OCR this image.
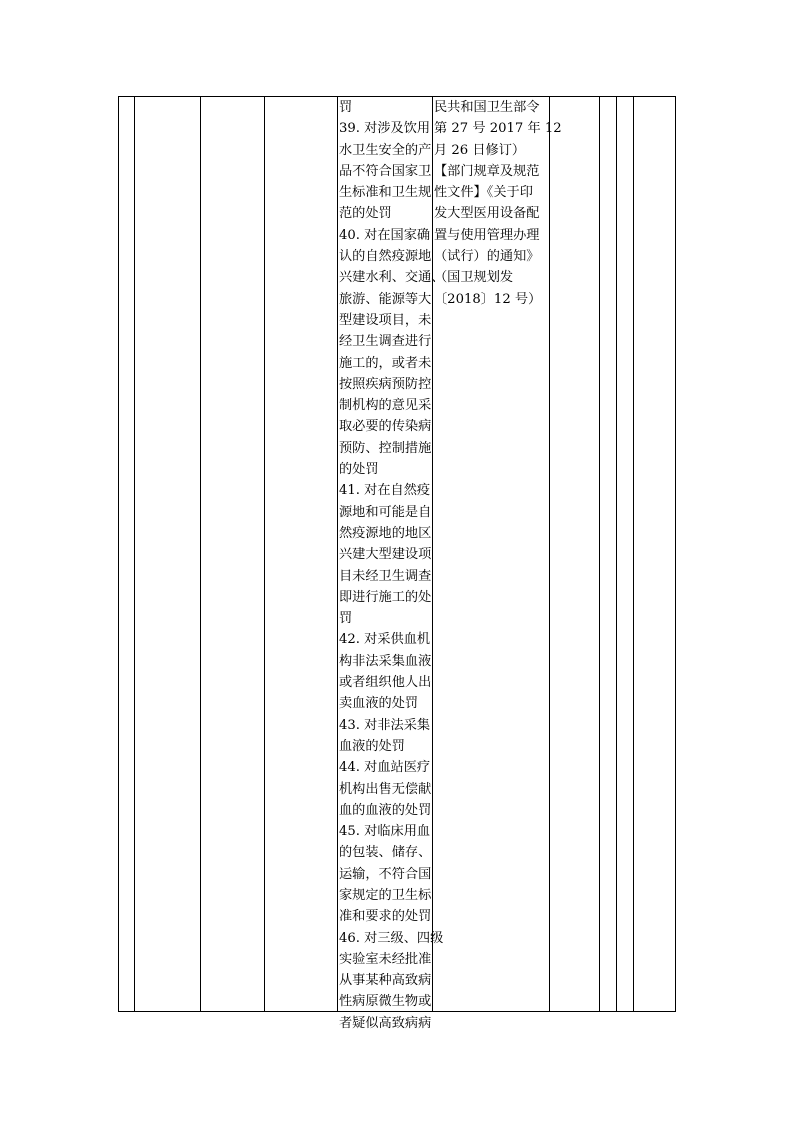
罚
39. 对涉及饮用
水卫生安全的产
品不符合国家卫
生标准和卫生规
范的处罚
40. 对在国家确
认的自然疫源地
兴建水利、交通、
旅游、能源等大
型建设项目，未
经卫生调查进行
施工的，或者未
按照疾病预防控
制机构的意见采
取必要的传染病
预防、控制措施
的处罚
41. 对在自然疫
源地和可能是自
然疫源地的地区
兴建大型建设项
目未经卫生调查
即进行施工的处
罚
42. 对采供血机
构非法采集血液
或者组织他人出
卖血液的处罚
43. 对非法采集
血液的处罚
44. 对血站医疗
机构出售无偿献
血的血液的处罚
45. 对临床用血
的包装、储存、
运输，不符合国
家规定的卫生标
准和要求的处罚
46. 对三级、四级
实验室未经批准
从事某种高致病
性病原微生物或
者疑似高致病病
民共和国卫生部令
第 27 号 2017 年 12
月 26 日修订）
【部门规章及规范
性文件】《关于印
发大型医用设备配
置与使用管理办理
（试行）的通知》
（国卫规划发
〔2018〕12 号）
